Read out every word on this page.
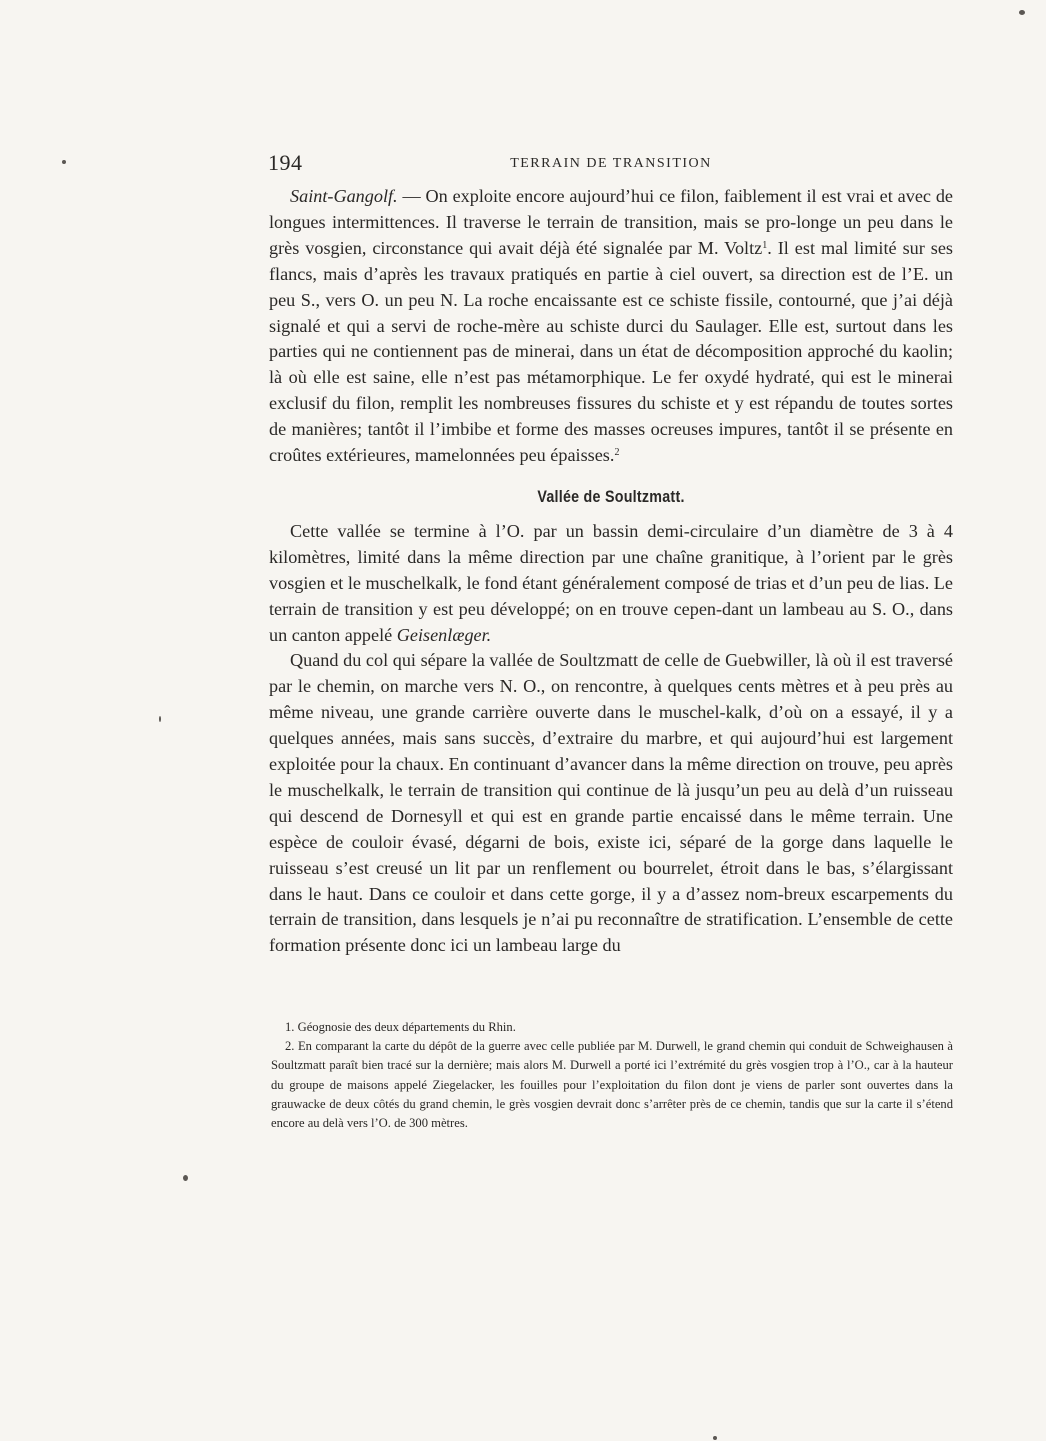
194	TERRAIN DE TRANSITION

Saint-Gangolf. — On exploite encore aujourd’hui ce filon, faiblement il est vrai et avec de longues intermittences. Il traverse le terrain de transition, mais se pro-longe un peu dans le grès vosgien, circonstance qui avait déjà été signalée par M. Voltz$^1$. Il est mal limité sur ses flancs, mais d’après les travaux pratiqués en partie à ciel ouvert, sa direction est de l’E. un peu S., vers O. un peu N. La roche encaissante est ce schiste fissile, contourné, que j’ai déjà signalé et qui a servi de roche-mère au schiste durci du Saulager. Elle est, surtout dans les parties qui ne contiennent pas de minerai, dans un état de décomposition approché du kaolin; là où elle est saine, elle n’est pas métamorphique. Le fer oxydé hydraté, qui est le minerai exclusif du filon, remplit les nombreuses fissures du schiste et y est répandu de toutes sortes de manières; tantôt il l’imbibe et forme des masses ocreuses impures, tantôt il se présente en croûtes extérieures, mamelonnées peu épaisses.$^2$

Vallée de Soultzmatt.

Cette vallée se termine à l’O. par un bassin demi-circulaire d’un diamètre de 3 à 4 kilomètres, limité dans la même direction par une chaîne granitique, à l’orient par le grès vosgien et le muschelkalk, le fond étant généralement composé de trias et d’un peu de lias. Le terrain de transition y est peu développé; on en trouve cepen-dant un lambeau au S. O., dans un canton appelé Geisenlæger.

Quand du col qui sépare la vallée de Soultzmatt de celle de Guebwiller, là où il est traversé par le chemin, on marche vers N. O., on rencontre, à quelques cents mètres et à peu près au même niveau, une grande carrière ouverte dans le muschel-kalk, d’où on a essayé, il y a quelques années, mais sans succès, d’extraire du marbre, et qui aujourd’hui est largement exploitée pour la chaux. En continuant d’avancer dans la même direction on trouve, peu après le muschelkalk, le terrain de transition qui continue de là jusqu’un peu au delà d’un ruisseau qui descend de Dornesyll et qui est en grande partie encaissé dans le même terrain. Une espèce de couloir évasé, dégarni de bois, existe ici, séparé de la gorge dans laquelle le ruisseau s’est creusé un lit par un renflement ou bourrelet, étroit dans le bas, s’élargissant dans le haut. Dans ce couloir et dans cette gorge, il y a d’assez nom-breux escarpements du terrain de transition, dans lesquels je n’ai pu reconnaître de stratification. L’ensemble de cette formation présente donc ici un lambeau large du

1. Géognosie des deux départements du Rhin.

2. En comparant la carte du dépôt de la guerre avec celle publiée par M. Durwell, le grand chemin qui conduit de Schweighausen à Soultzmatt paraît bien tracé sur la dernière; mais alors M. Durwell a porté ici l’extrémité du grès vosgien trop à l’O., car à la hauteur du groupe de maisons appelé Ziegelacker, les fouilles pour l’exploitation du filon dont je viens de parler sont ouvertes dans la grauwacke de deux côtés du grand chemin, le grès vosgien devrait donc s’arrêter près de ce chemin, tandis que sur la carte il s’étend encore au delà vers l’O. de 300 mètres.
